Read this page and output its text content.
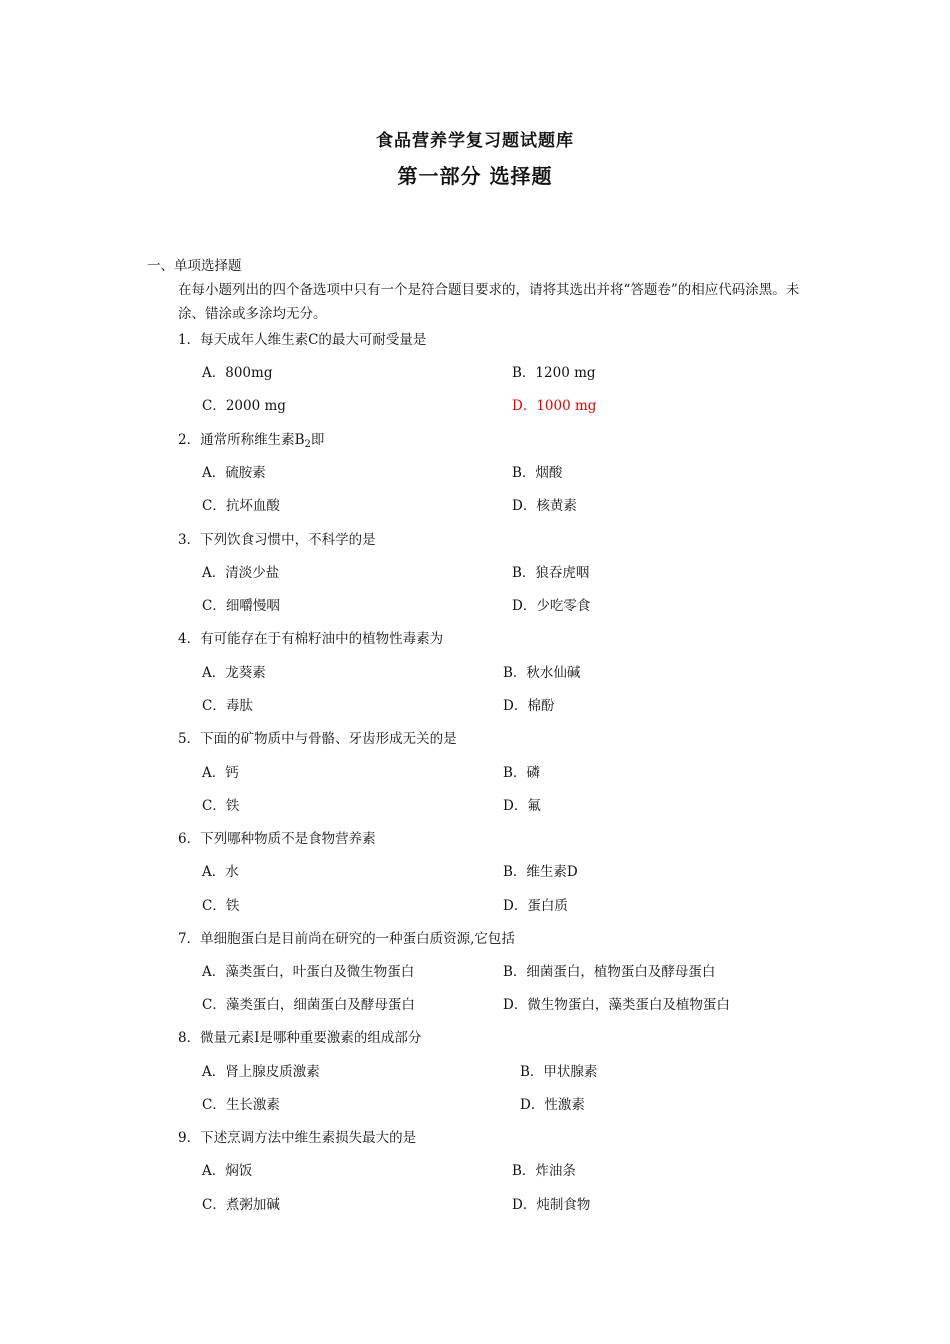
食品营养学复习题试题库
第一部分 选择题
一、单项选择题
在每小题列出的四个备选项中只有一个是符合题目要求的，请将其选出并将“答题卷”的相应代码涂黑。未涂、错涂或多涂均无分。
1．每天成年人维生素C的最大可耐受量是
A．800mg	B．1200 mg
C．2000 mg	D．1000 mg
2．通常所称维生素$B_2$即
A．硫胺素	B．烟酸
C．抗坏血酸	D．核黄素
3．下列饮食习惯中，不科学的是
A．清淡少盐	B．狼吞虎咽
C．细嚼慢咽	D．少吃零食
4．有可能存在于有棉籽油中的植物性毒素为
A．龙葵素	B．秋水仙碱
C．毒肽	D．棉酚
5．下面的矿物质中与骨骼、牙齿形成无关的是
A．钙	B．磷
C．铁	D．氟
6．下列哪种物质不是食物营养素
A．水	B．维生素D
C．铁	D．蛋白质
7．单细胞蛋白是目前尚在研究的一种蛋白质资源,它包括
A．藻类蛋白，叶蛋白及微生物蛋白	B．细菌蛋白，植物蛋白及酵母蛋白
C．藻类蛋白，细菌蛋白及酵母蛋白	D．微生物蛋白，藻类蛋白及植物蛋白
8．微量元素Ⅰ是哪种重要激素的组成部分
A．肾上腺皮质激素	B．甲状腺素
C．生长激素	D．性激素
9．下述烹调方法中维生素损失最大的是
A．焖饭	B．炸油条
C．煮粥加碱	D．炖制食物
